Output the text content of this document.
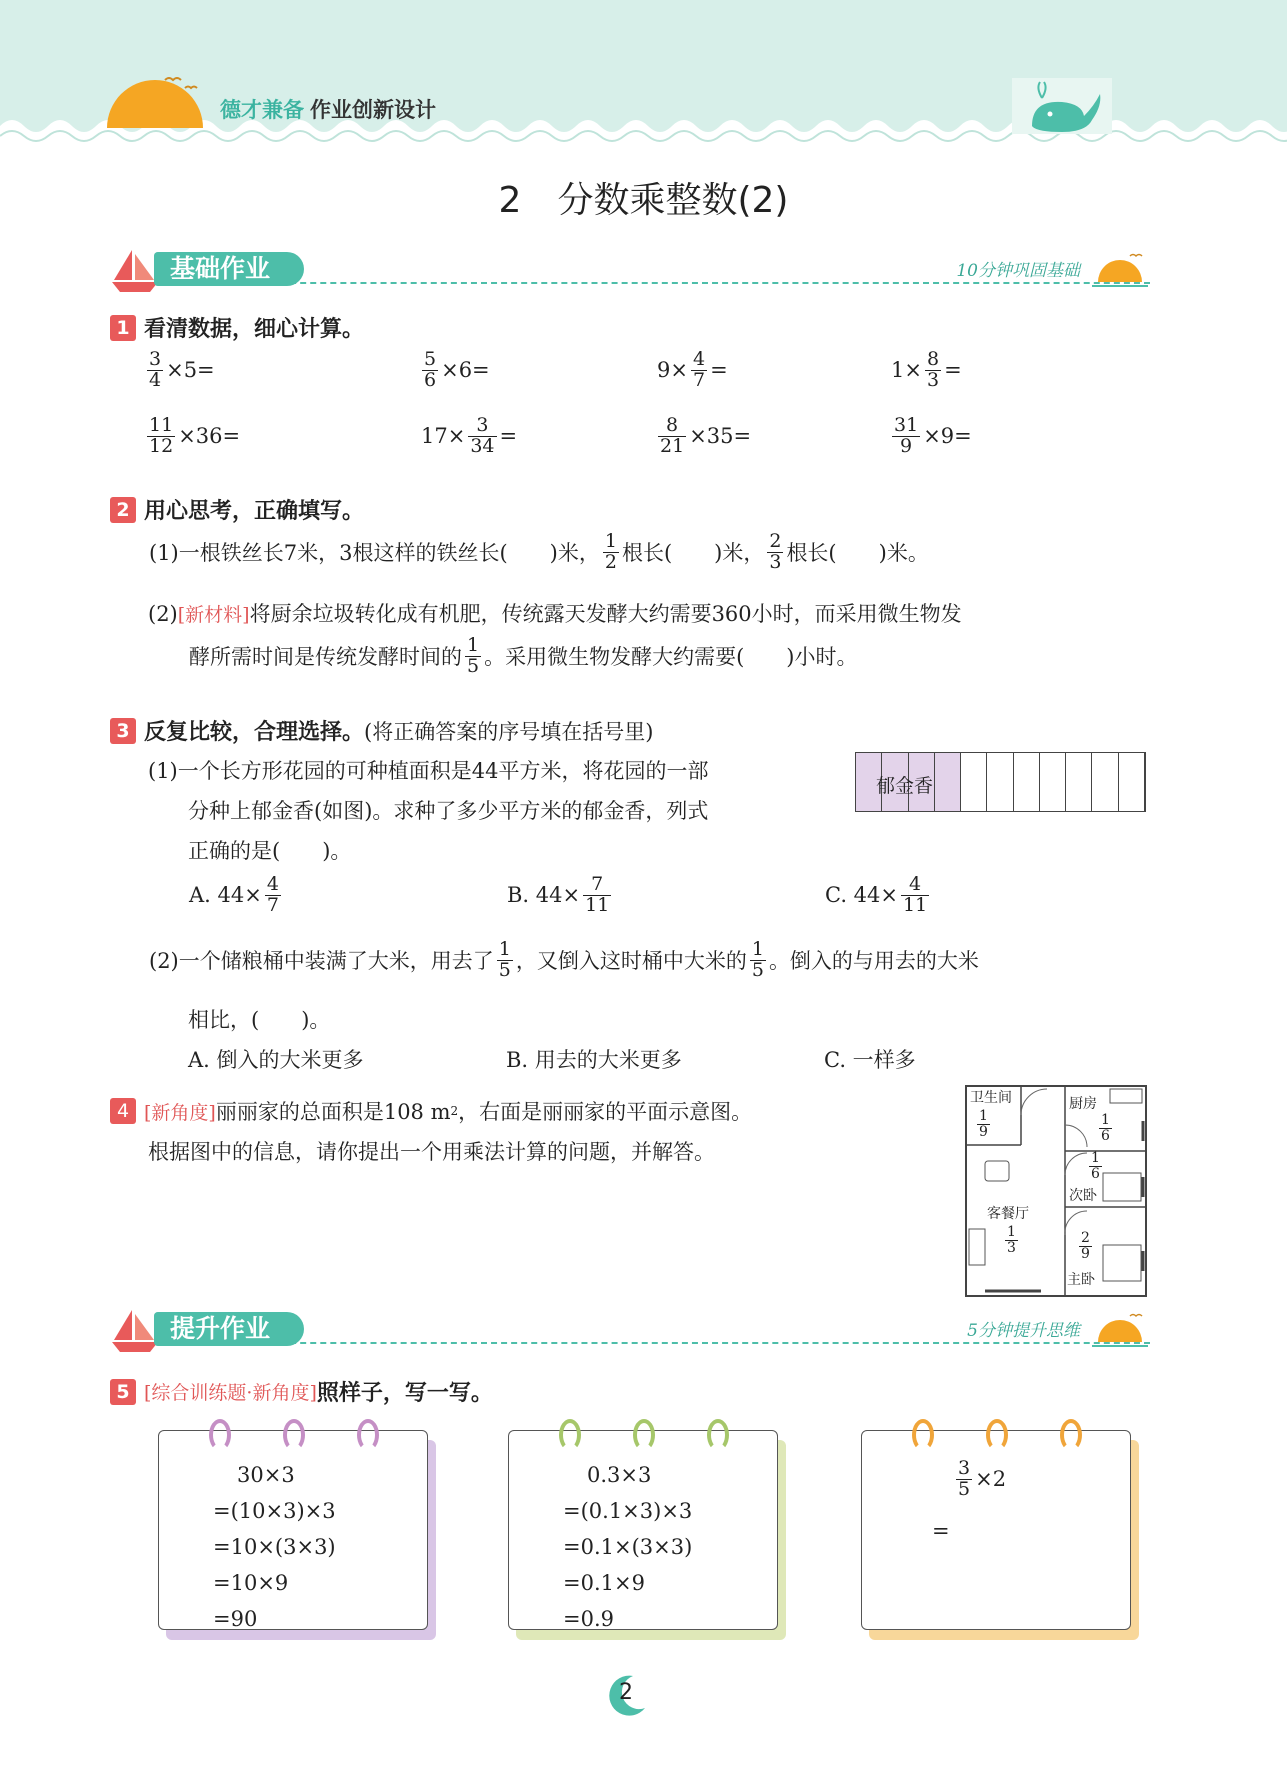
德才兼备 作业创新设计
2　分数乘整数(2)
基础作业	10分钟巩固基础
1 看清数据，细心计算。
$\frac{3}{4} \times 5=$	$\frac{5}{6} \times 6=$	$9\times \frac{4}{7}$ =	$1\times \frac{8}{3}$ =
$\frac{11}{12} \times 36=$	$17\times \frac{3}{34}$ =	$\frac{8}{21} \times 35=$	$\frac{31}{9} \times 9=$
2 用心思考，正确填写。
(1)一根铁丝长7米，3根这样的铁丝长(　　)米， $\frac{1}{2}$ 根长(　　)米， $\frac{2}{3}$ 根长(　　)米。
(2)[新材料]将厨余垃圾转化成有机肥，传统露天发酵大约需要360小时，而采用微生物发
酵所需时间是传统发酵时间的 $\frac{1}{5}$ 。采用微生物发酵大约需要(　　)小时。
3 反复比较，合理选择。 (将正确答案的序号填在括号里)
(1)一个长方形花园的可种植面积是44平方米，将花园的一部
分种上郁金香(如图)。求种了多少平方米的郁金香，列式
正确的是(　　)。
郁金香
A. $44\times \frac{4}{7}$	B. $44\times \frac{7}{11}$	C. $44\times \frac{4}{11}$
(2)一个储粮桶中装满了大米，用去了 $\frac{1}{5}$ ，又倒入这时桶中大米的 $\frac{1}{5}$ 。倒入的与用去的大米
相比，(　　)。
A. 倒入的大米更多	B. 用去的大米更多	C. 一样多
4 [新角度] 丽丽家的总面积是108 m 2 ，右面是丽丽家的平面示意图。
根据图中的信息，请你提出一个用乘法计算的问题，并解答。
卫生间
1
9
厨房
1
6
1
6
次卧
客餐厅
1
3
2
9
主卧
提升作业	5分钟提升思维
5 [综合训练题·新角度] 照样子，写一写。
30×3
=(10×3)×3
=10×(3×3)
=10×9
=90
0.3×3
=(0.1×3)×3
=0.1×(3×3)
=0.1×9
=0.9
$\frac{3}{5} \times 2$
=
2
